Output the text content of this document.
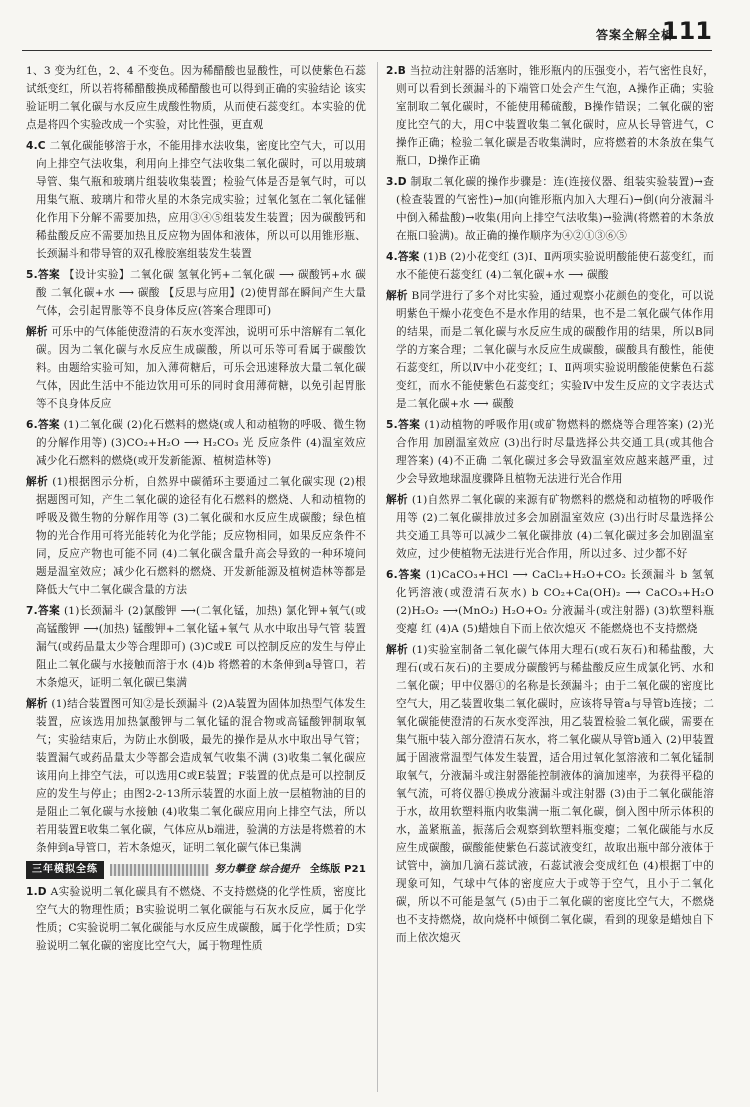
答案全解全析
111
1、3 变为红色，2、4 不变色。因为稀醋酸也显酸性，可以使紫色石蕊试纸变红，所以若将稀醋酸换成稀醋酸也可以得到正确的实验结论 该实验证明二氧化碳与水反应生成酸性物质，从而使石蕊变红。本实验的优点是将四个实验改成一个实验，对比性强，更直观
4.C 二氧化碳能够溶于水，不能用排水法收集，密度比空气大，可以用向上排空气法收集，利用向上排空气法收集二氧化碳时，可以用玻璃导管、集气瓶和玻璃片组装收集装置；检验气体是否是氧气时，可以用集气瓶、玻璃片和带火星的木条完成实验；过氧化氢在二氧化锰催化作用下分解不需要加热，应用③④⑤组装发生装置；因为碳酸钙和稀盐酸反应不需要加热且反应物为固体和液体，所以可以用锥形瓶、长颈漏斗和带导管的双孔橡胶塞组装发生装置
5.答案 【设计实验】二氧化碳 氢氧化钙+二氧化碳 ⟶ 碳酸钙+水 碳酸 二氧化碳+水 ⟶ 碳酸 【反思与应用】(2)使胃部在瞬间产生大量气体，会引起胃胀等不良身体反应(答案合理即可)
解析 可乐中的气体能使澄清的石灰水变浑浊，说明可乐中溶解有二氧化碳。因为二氧化碳与水反应生成碳酸，所以可乐等可看属于碳酸饮料。由题给实验可知，加入薄荷糖后，可乐会迅速释放大量二氧化碳气体，因此生活中不能边饮用可乐的同时食用薄荷糖，以免引起胃胀等不良身体反应
6.答案 (1)二氧化碳 (2)化石燃料的燃烧(或人和动植物的呼吸、微生物的分解作用等) (3)CO₂+H₂O ⟶ H₂CO₃ 光 反应条件 (4)温室效应 减少化石燃料的燃烧(或开发新能源、植树造林等)
解析 (1)根据图示分析，自然界中碳循环主要通过二氧化碳实现 (2)根据题图可知，产生二氧化碳的途径有化石燃料的燃烧、人和动植物的呼吸及微生物的分解作用等 (3)二氧化碳和水反应生成碳酸；绿色植物的光合作用可将光能转化为化学能；反应物相同，如果反应条件不同，反应产物也可能不同 (4)二氧化碳含量升高会导致的一种环境问题是温室效应；减少化石燃料的燃烧、开发新能源及植树造林等都是降低大气中二氧化碳含量的方法
7.答案 (1)长颈漏斗 (2)氯酸钾 ⟶(二氧化锰，加热) 氯化钾+氧气(或高锰酸钾 ⟶(加热) 锰酸钾+二氧化锰+氧气 从水中取出导气管 装置漏气(或药品量太少等合理即可) (3)C或E 可以控制反应的发生与停止 阻止二氧化碳与水接触而溶于水 (4)b 将燃着的木条伸到a导管口，若木条熄灭，证明二氧化碳已集满
解析 (1)结合装置图可知②是长颈漏斗 (2)A装置为固体加热型气体发生装置，应该选用加热氯酸钾与二氧化锰的混合物或高锰酸钾制取氧气；实验结束后，为防止水倒吸，最先的操作是从水中取出导气管；装置漏气或药品量太少等都会造成氧气收集不满 (3)收集二氧化碳应该用向上排空气法，可以选用C或E装置；F装置的优点是可以控制反应的发生与停止；由图2-2-13所示装置的水面上放一层植物油的目的是阻止二氧化碳与水接触 (4)收集二氧化碳应用向上排空气法，所以若用装置E收集二氧化碳，气体应从b端进，验满的方法是将燃着的木条伸到a导管口，若木条熄灭，证明二氧化碳气体已集满
三年模拟全练	努力攀登 综合提升 全练版 P21
1.D A实验说明二氧化碳具有不燃烧、不支持燃烧的化学性质，密度比空气大的物理性质；B实验说明二氧化碳能与石灰水反应，属于化学性质；C实验说明二氧化碳能与水反应生成碳酸，属于化学性质；D实验说明二氧化碳的密度比空气大，属于物理性质
2.B 当拉动注射器的活塞时，锥形瓶内的压强变小，若气密性良好，则可以看到长颈漏斗的下端管口处会产生气泡，A操作正确；实验室制取二氧化碳时，不能使用稀硫酸，B操作错误；二氧化碳的密度比空气的大，用C中装置收集二氧化碳时，应从长导管进气，C操作正确；检验二氧化碳是否收集满时，应将燃着的木条放在集气瓶口，D操作正确
3.D 制取二氧化碳的操作步骤是：连(连接仪器、组装实验装置)→查(检查装置的气密性)→加(向锥形瓶内加入大理石)→倒(向分液漏斗中倒入稀盐酸)→收集(用向上排空气法收集)→验满(将燃着的木条放在瓶口验满)。故正确的操作顺序为④②①③⑥⑤
4.答案 (1)B (2)小花变红 (3)Ⅰ、Ⅱ两项实验说明酸能使石蕊变红，而水不能使石蕊变红 (4)二氧化碳+水 ⟶ 碳酸
解析 B同学进行了多个对比实验，通过观察小花颜色的变化，可以说明紫色干燥小花变色不是水作用的结果，也不是二氧化碳气体作用的结果，而是二氧化碳与水反应生成的碳酸作用的结果，所以B同学的方案合理；二氧化碳与水反应生成碳酸，碳酸具有酸性，能使石蕊变红，所以Ⅳ中小花变红；Ⅰ、Ⅱ两项实验说明酸能使紫色石蕊变红，而水不能使紫色石蕊变红；实验Ⅳ中发生反应的文字表达式是二氧化碳+水 ⟶ 碳酸
5.答案 (1)动植物的呼吸作用(或矿物燃料的燃烧等合理答案) (2)光合作用 加剧温室效应 (3)出行时尽量选择公共交通工具(或其他合理答案) (4)不正确 二氧化碳过多会导致温室效应越来越严重，过少会导致地球温度骤降且植物无法进行光合作用
解析 (1)自然界二氧化碳的来源有矿物燃料的燃烧和动植物的呼吸作用等 (2)二氧化碳排放过多会加剧温室效应 (3)出行时尽量选择公共交通工具等可以减少二氧化碳排放 (4)二氧化碳过多会加剧温室效应，过少使植物无法进行光合作用，所以过多、过少都不好
6.答案 (1)CaCO₃+HCl ⟶ CaCl₂+H₂O+CO₂ 长颈漏斗 b 氢氧化钙溶液(或澄清石灰水) b CO₂+Ca(OH)₂ ⟶ CaCO₃+H₂O (2)H₂O₂ ⟶(MnO₂) H₂O+O₂ 分液漏斗(或注射器) (3)软塑料瓶变瘪 红 (4)A (5)蜡烛自下而上依次熄灭 不能燃烧也不支持燃烧
解析 (1)实验室制备二氧化碳气体用大理石(或石灰石)和稀盐酸，大理石(或石灰石)的主要成分碳酸钙与稀盐酸反应生成氯化钙、水和二氧化碳；甲中仪器①的名称是长颈漏斗；由于二氧化碳的密度比空气大，用乙装置收集二氧化碳时，应该将导管a与导管b连接；二氧化碳能使澄清的石灰水变浑浊，用乙装置检验二氧化碳，需要在集气瓶中装入部分澄清石灰水，将二氧化碳从导管b通入 (2)甲装置属于固液常温型气体发生装置，适合用过氧化氢溶液和二氧化锰制取氧气，分液漏斗或注射器能控制液体的滴加速率，为获得平稳的氧气流，可将仪器①换成分液漏斗或注射器 (3)由于二氧化碳能溶于水，故用软塑料瓶内收集满一瓶二氧化碳，倒入图中所示体积的水，盖紧瓶盖，振荡后会观察到软塑料瓶变瘪；二氧化碳能与水反应生成碳酸，碳酸能使紫色石蕊试液变红，故取出瓶中部分液体于试管中，滴加几滴石蕊试液，石蕊试液会变成红色 (4)根据丁中的现象可知，气球中气体的密度应大于或等于空气，且小于二氧化碳，所以不可能是氢气 (5)由于二氧化碳的密度比空气大，不燃烧也不支持燃烧，故向烧杯中倾倒二氧化碳，看到的现象是蜡烛自下而上依次熄灭
